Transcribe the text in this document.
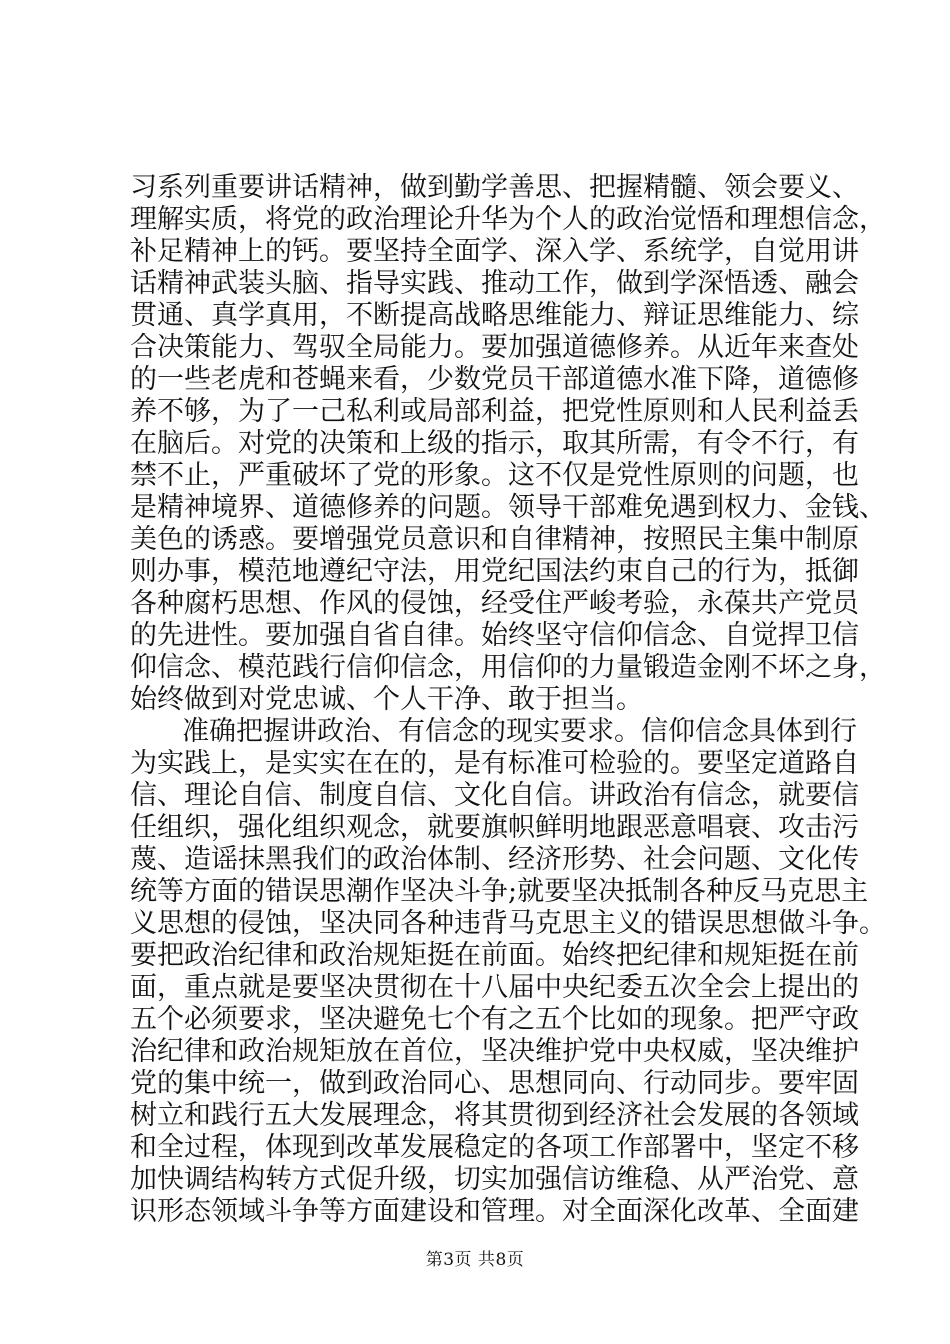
习系列重要讲话精神，做到勤学善思、把握精髓、领会要义、
理解实质，将党的政治理论升华为个人的政治觉悟和理想信念，
补足精神上的钙。要坚持全面学、深入学、系统学，自觉用讲
话精神武装头脑、指导实践、推动工作，做到学深悟透、融会
贯通、真学真用，不断提高战略思维能力、辩证思维能力、综
合决策能力、驾驭全局能力。要加强道德修养。从近年来查处
的一些老虎和苍蝇来看，少数党员干部道德水准下降，道德修
养不够，为了一己私利或局部利益，把党性原则和人民利益丢
在脑后。对党的决策和上级的指示，取其所需，有令不行，有
禁不止，严重破坏了党的形象。这不仅是党性原则的问题，也
是精神境界、道德修养的问题。领导干部难免遇到权力、金钱、
美色的诱惑。要增强党员意识和自律精神，按照民主集中制原
则办事，模范地遵纪守法，用党纪国法约束自己的行为，抵御
各种腐朽思想、作风的侵蚀，经受住严峻考验，永葆共产党员
的先进性。要加强自省自律。始终坚守信仰信念、自觉捍卫信
仰信念、模范践行信仰信念，用信仰的力量锻造金刚不坏之身，
始终做到对党忠诚、个人干净、敢于担当。
准确把握讲政治、有信念的现实要求。信仰信念具体到行
为实践上，是实实在在的，是有标准可检验的。要坚定道路自
信、理论自信、制度自信、文化自信。讲政治有信念，就要信
任组织，强化组织观念，就要旗帜鲜明地跟恶意唱衰、攻击污
蔑、造谣抹黑我们的政治体制、经济形势、社会问题、文化传
统等方面的错误思潮作坚决斗争;就要坚决抵制各种反马克思主
义思想的侵蚀，坚决同各种违背马克思主义的错误思想做斗争。
要把政治纪律和政治规矩挺在前面。始终把纪律和规矩挺在前
面，重点就是要坚决贯彻在十八届中央纪委五次全会上提出的
五个必须要求，坚决避免七个有之五个比如的现象。把严守政
治纪律和政治规矩放在首位，坚决维护党中央权威，坚决维护
党的集中统一，做到政治同心、思想同向、行动同步。要牢固
树立和践行五大发展理念，将其贯彻到经济社会发展的各领域
和全过程，体现到改革发展稳定的各项工作部署中，坚定不移
加快调结构转方式促升级，切实加强信访维稳、从严治党、意
识形态领域斗争等方面建设和管理。对全面深化改革、全面建
第3页 共8页
